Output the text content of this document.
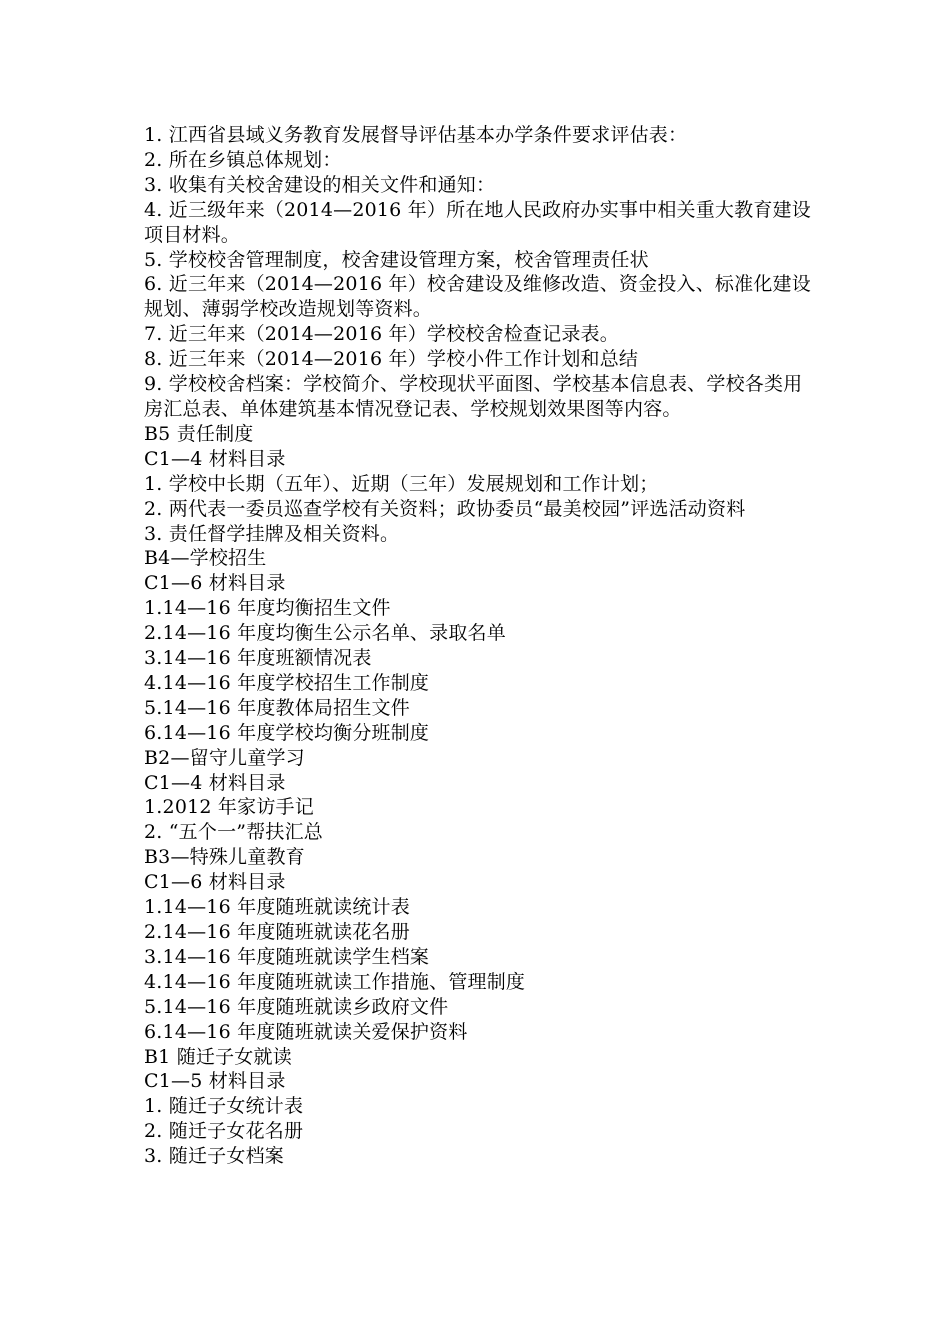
1. 江西省县域义务教育发展督导评估基本办学条件要求评估表：

2. 所在乡镇总体规划：

3. 收集有关校舍建设的相关文件和通知：

4. 近三级年来（2014—2016 年）所在地人民政府办实事中相关重大教育建设项目材料。

5. 学校校舍管理制度，校舍建设管理方案，校舍管理责任状

6. 近三年来（2014—2016 年）校舍建设及维修改造、资金投入、标准化建设规划、薄弱学校改造规划等资料。

7. 近三年来（2014—2016 年）学校校舍检查记录表。

8. 近三年来（2014—2016 年）学校小件工作计划和总结

9. 学校校舍档案：学校简介、学校现状平面图、学校基本信息表、学校各类用房汇总表、单体建筑基本情况登记表、学校规划效果图等内容。

B5 责任制度

C1—4 材料目录

1. 学校中长期（五年）、近期（三年）发展规划和工作计划；

2. 两代表一委员巡查学校有关资料；政协委员“最美校园”评选活动资料

3. 责任督学挂牌及相关资料。

B4—学校招生

C1—6 材料目录

1.14—16 年度均衡招生文件

2.14—16 年度均衡生公示名单、录取名单

3.14—16 年度班额情况表

4.14—16 年度学校招生工作制度

5.14—16 年度教体局招生文件

6.14—16 年度学校均衡分班制度

B2—留守儿童学习

C1—4 材料目录

1.2012 年家访手记

2. “五个一”帮扶汇总

B3—特殊儿童教育

C1—6 材料目录

1.14—16 年度随班就读统计表

2.14—16 年度随班就读花名册

3.14—16 年度随班就读学生档案

4.14—16 年度随班就读工作措施、管理制度

5.14—16 年度随班就读乡政府文件

6.14—16 年度随班就读关爱保护资料

B1 随迁子女就读

C1—5 材料目录

1. 随迁子女统计表

2. 随迁子女花名册

3. 随迁子女档案
